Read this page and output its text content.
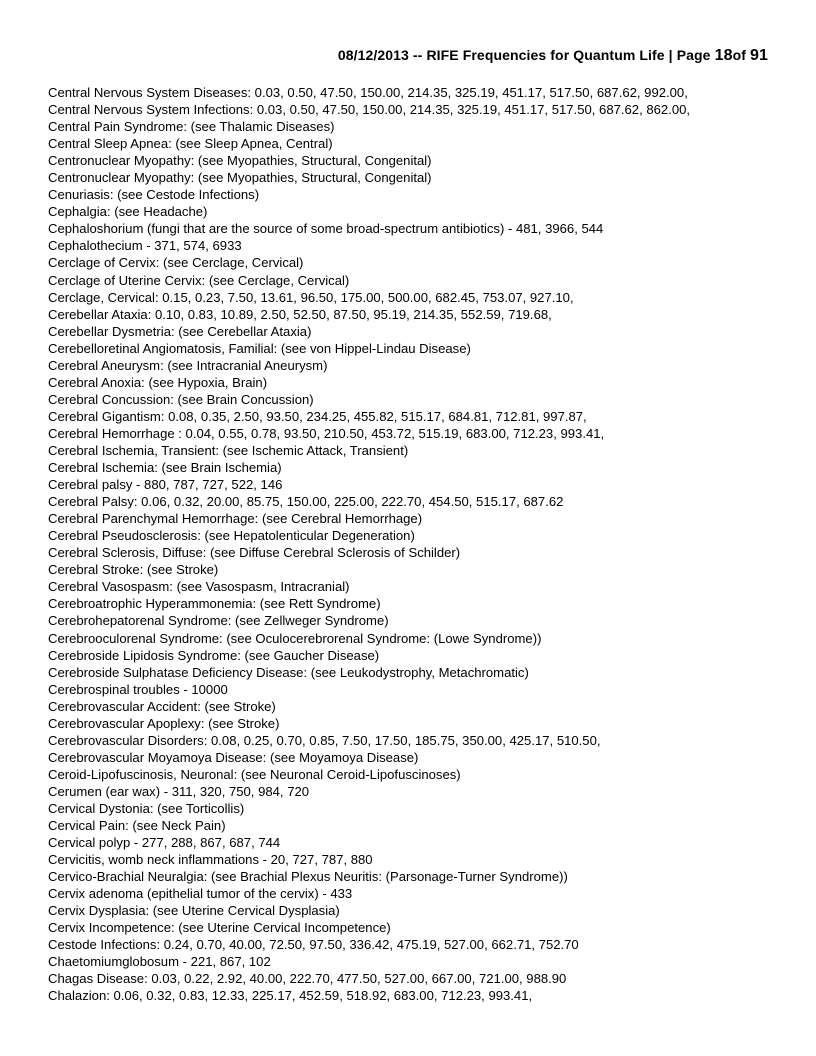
08/12/2013 -- RIFE Frequencies for Quantum Life | Page 18of 91
Central Nervous System Diseases: 0.03, 0.50, 47.50, 150.00, 214.35, 325.19, 451.17, 517.50, 687.62, 992.00,
Central Nervous System Infections: 0.03, 0.50, 47.50, 150.00, 214.35, 325.19, 451.17, 517.50, 687.62, 862.00,
Central Pain Syndrome: (see Thalamic Diseases)
Central Sleep Apnea: (see Sleep Apnea, Central)
Centronuclear Myopathy: (see Myopathies, Structural, Congenital)
Centronuclear Myopathy: (see Myopathies, Structural, Congenital)
Cenuriasis: (see Cestode Infections)
Cephalgia: (see Headache)
Cephaloshorium (fungi that are the source of some broad-spectrum antibiotics) - 481, 3966, 544
Cephalothecium - 371, 574, 6933
Cerclage of Cervix: (see Cerclage, Cervical)
Cerclage of Uterine Cervix: (see Cerclage, Cervical)
Cerclage, Cervical: 0.15, 0.23, 7.50, 13.61, 96.50, 175.00, 500.00, 682.45, 753.07, 927.10,
Cerebellar Ataxia: 0.10, 0.83, 10.89, 2.50, 52.50, 87.50, 95.19, 214.35, 552.59, 719.68,
Cerebellar Dysmetria: (see Cerebellar Ataxia)
Cerebelloretinal Angiomatosis, Familial: (see von Hippel-Lindau Disease)
Cerebral Aneurysm: (see Intracranial Aneurysm)
Cerebral Anoxia: (see Hypoxia, Brain)
Cerebral Concussion: (see Brain Concussion)
Cerebral Gigantism: 0.08, 0.35, 2.50, 93.50, 234.25, 455.82, 515.17, 684.81, 712.81, 997.87,
Cerebral Hemorrhage : 0.04, 0.55, 0.78, 93.50, 210.50, 453.72, 515.19, 683.00, 712.23, 993.41,
Cerebral Ischemia, Transient: (see Ischemic Attack, Transient)
Cerebral Ischemia: (see Brain Ischemia)
Cerebral palsy - 880, 787, 727, 522, 146
Cerebral Palsy: 0.06, 0.32, 20.00, 85.75, 150.00, 225.00, 222.70, 454.50, 515.17, 687.62
Cerebral Parenchymal Hemorrhage: (see Cerebral Hemorrhage)
Cerebral Pseudosclerosis: (see Hepatolenticular Degeneration)
Cerebral Sclerosis, Diffuse: (see Diffuse Cerebral Sclerosis of Schilder)
Cerebral Stroke: (see Stroke)
Cerebral Vasospasm: (see Vasospasm, Intracranial)
Cerebroatrophic Hyperammonemia: (see Rett Syndrome)
Cerebrohepatorenal Syndrome: (see Zellweger Syndrome)
Cerebrooculorenal Syndrome: (see Oculocerebrorenal Syndrome: (Lowe Syndrome))
Cerebroside Lipidosis Syndrome: (see Gaucher Disease)
Cerebroside Sulphatase Deficiency Disease: (see Leukodystrophy, Metachromatic)
Cerebrospinal troubles - 10000
Cerebrovascular Accident: (see Stroke)
Cerebrovascular Apoplexy: (see Stroke)
Cerebrovascular Disorders: 0.08, 0.25, 0.70, 0.85, 7.50, 17.50, 185.75, 350.00, 425.17, 510.50,
Cerebrovascular Moyamoya Disease: (see Moyamoya Disease)
Ceroid-Lipofuscinosis, Neuronal: (see Neuronal Ceroid-Lipofuscinoses)
Cerumen (ear wax) - 311, 320, 750, 984, 720
Cervical Dystonia: (see Torticollis)
Cervical Pain: (see Neck Pain)
Cervical polyp - 277, 288, 867, 687, 744
Cervicitis, womb neck inflammations - 20, 727, 787, 880
Cervico-Brachial Neuralgia: (see Brachial Plexus Neuritis: (Parsonage-Turner Syndrome))
Cervix adenoma (epithelial tumor of the cervix) - 433
Cervix Dysplasia: (see Uterine Cervical Dysplasia)
Cervix Incompetence: (see Uterine Cervical Incompetence)
Cestode Infections: 0.24, 0.70, 40.00, 72.50, 97.50, 336.42, 475.19, 527.00, 662.71, 752.70
Chaetomiumglobosum - 221, 867, 102
Chagas Disease: 0.03, 0.22, 2.92, 40.00, 222.70, 477.50, 527.00, 667.00, 721.00, 988.90
Chalazion: 0.06, 0.32, 0.83, 12.33, 225.17, 452.59, 518.92, 683.00, 712.23, 993.41,
